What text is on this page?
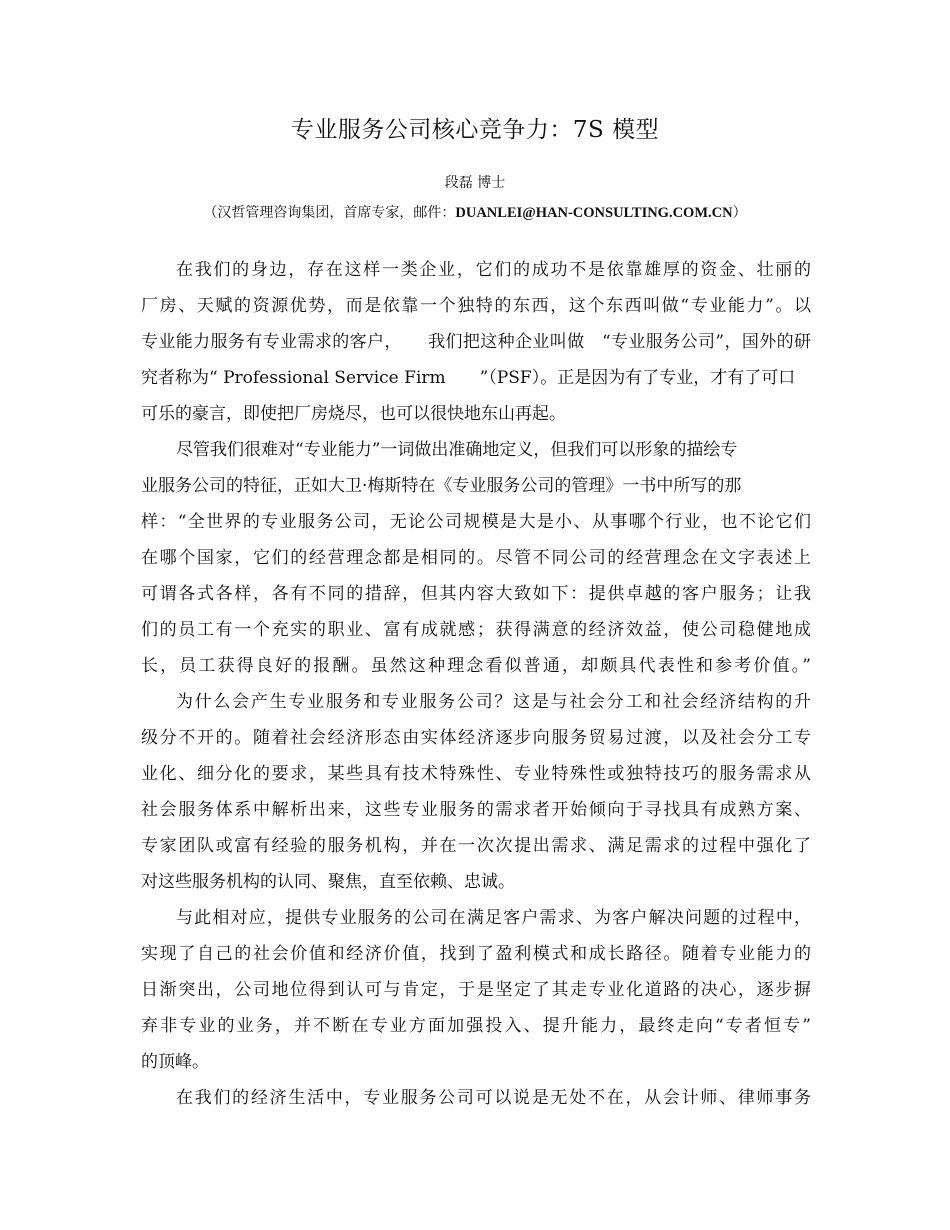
专业服务公司核心竞争力：7S 模型
段磊 博士
（汉哲管理咨询集团，首席专家，邮件：DUANLEI@HAN-CONSULTING.COM.CN）
在我们的身边，存在这样一类企业，它们的成功不是依靠雄厚的资金、壮丽的
厂房、天赋的资源优势，而是依靠一个独特的东西，这个东西叫做“专业能力”。以
专业能力服务有专业需求的客户，　　我们把这种企业叫做　“专业服务公司”，国外的研
究者称为“ Professional Service Firm　　”（PSF）。正是因为有了专业，才有了可口
可乐的豪言，即使把厂房烧尽，也可以很快地东山再起。
尽管我们很难对“专业能力”一词做出准确地定义，但我们可以形象的描绘专
业服务公司的特征，正如大卫·梅斯特在《专业服务公司的管理》一书中所写的那
样：“全世界的专业服务公司，无论公司规模是大是小、从事哪个行业，也不论它们
在哪个国家，它们的经营理念都是相同的。尽管不同公司的经营理念在文字表述上
可谓各式各样，各有不同的措辞，但其内容大致如下：提供卓越的客户服务；让我
们的员工有一个充实的职业、富有成就感；获得满意的经济效益，使公司稳健地成
长，员工获得良好的报酬。虽然这种理念看似普通，却颇具代表性和参考价值。”
为什么会产生专业服务和专业服务公司？这是与社会分工和社会经济结构的升
级分不开的。随着社会经济形态由实体经济逐步向服务贸易过渡，以及社会分工专
业化、细分化的要求，某些具有技术特殊性、专业特殊性或独特技巧的服务需求从
社会服务体系中解析出来，这些专业服务的需求者开始倾向于寻找具有成熟方案、
专家团队或富有经验的服务机构，并在一次次提出需求、满足需求的过程中强化了
对这些服务机构的认同、聚焦，直至依赖、忠诚。
与此相对应，提供专业服务的公司在满足客户需求、为客户解决问题的过程中，
实现了自己的社会价值和经济价值，找到了盈利模式和成长路径。随着专业能力的
日渐突出，公司地位得到认可与肯定，于是坚定了其走专业化道路的决心，逐步摒
弃非专业的业务，并不断在专业方面加强投入、提升能力，最终走向“专者恒专”
的顶峰。
在我们的经济生活中，专业服务公司可以说是无处不在，从会计师、律师事务
